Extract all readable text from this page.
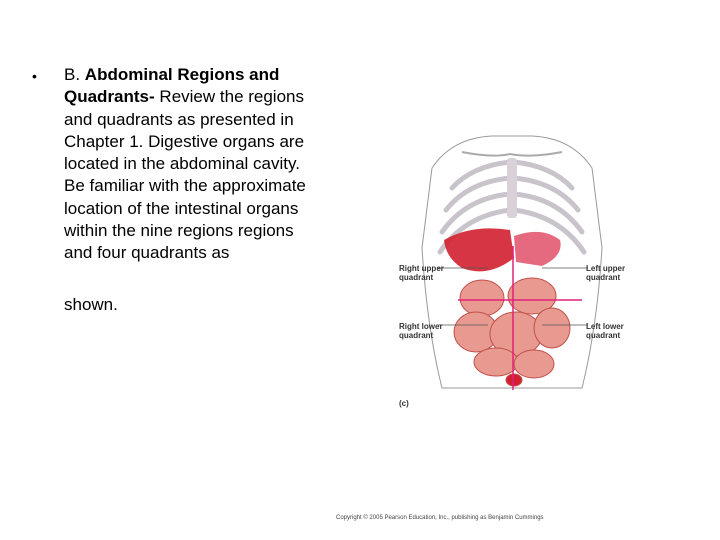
• B. Abdominal Regions and Quadrants- Review the regions and quadrants as presented in Chapter 1. Digestive organs are located in the abdominal cavity. Be familiar with the approximate location of the intestinal organs within the nine regions regions and four quadrants as
shown.
Right upper
quadrant
Left upper
quadrant
Right lower
quadrant
Left lower
quadrant
(c)
Copyright © 2005 Pearson Education, Inc., publishing as Benjamin Cummings
